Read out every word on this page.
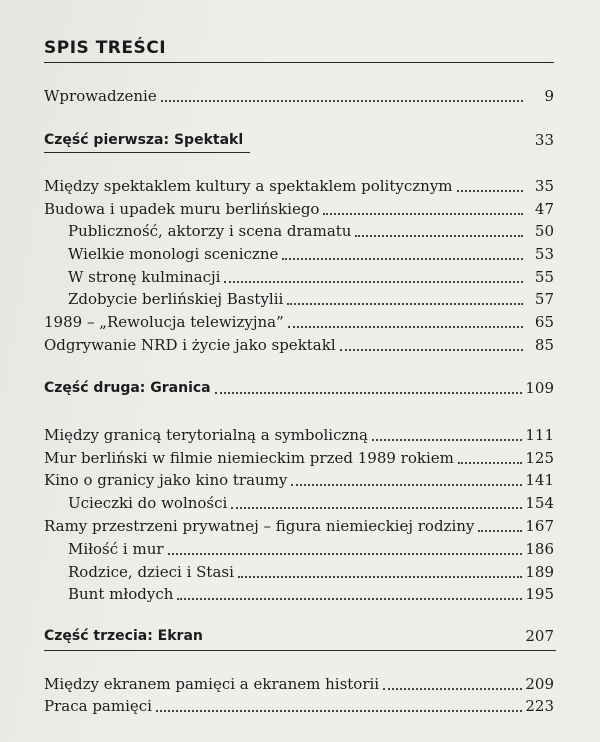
SPIS TREŚCI
Wprowadzenie	9
Część pierwsza: Spektakl	33
Między spektaklem kultury a spektaklem politycznym	35
Budowa i upadek muru berlińskiego	47
Publiczność, aktorzy i scena dramatu	50
Wielkie monologi sceniczne	53
W stronę kulminacji	55
Zdobycie berlińskiej Bastylii	57
1989 – „Rewolucja telewizyjna”	65
Odgrywanie NRD i życie jako spektakl	85
Część druga: Granica	109
Między granicą terytorialną a symboliczną	111
Mur berliński w filmie niemieckim przed 1989 rokiem	125
Kino o granicy jako kino traumy	141
Ucieczki do wolności	154
Ramy przestrzeni prywatnej – figura niemieckiej rodziny	167
Miłość i mur	186
Rodzice, dzieci i Stasi	189
Bunt młodych	195
Część trzecia: Ekran	207
Między ekranem pamięci a ekranem historii	209
Praca pamięci	223
